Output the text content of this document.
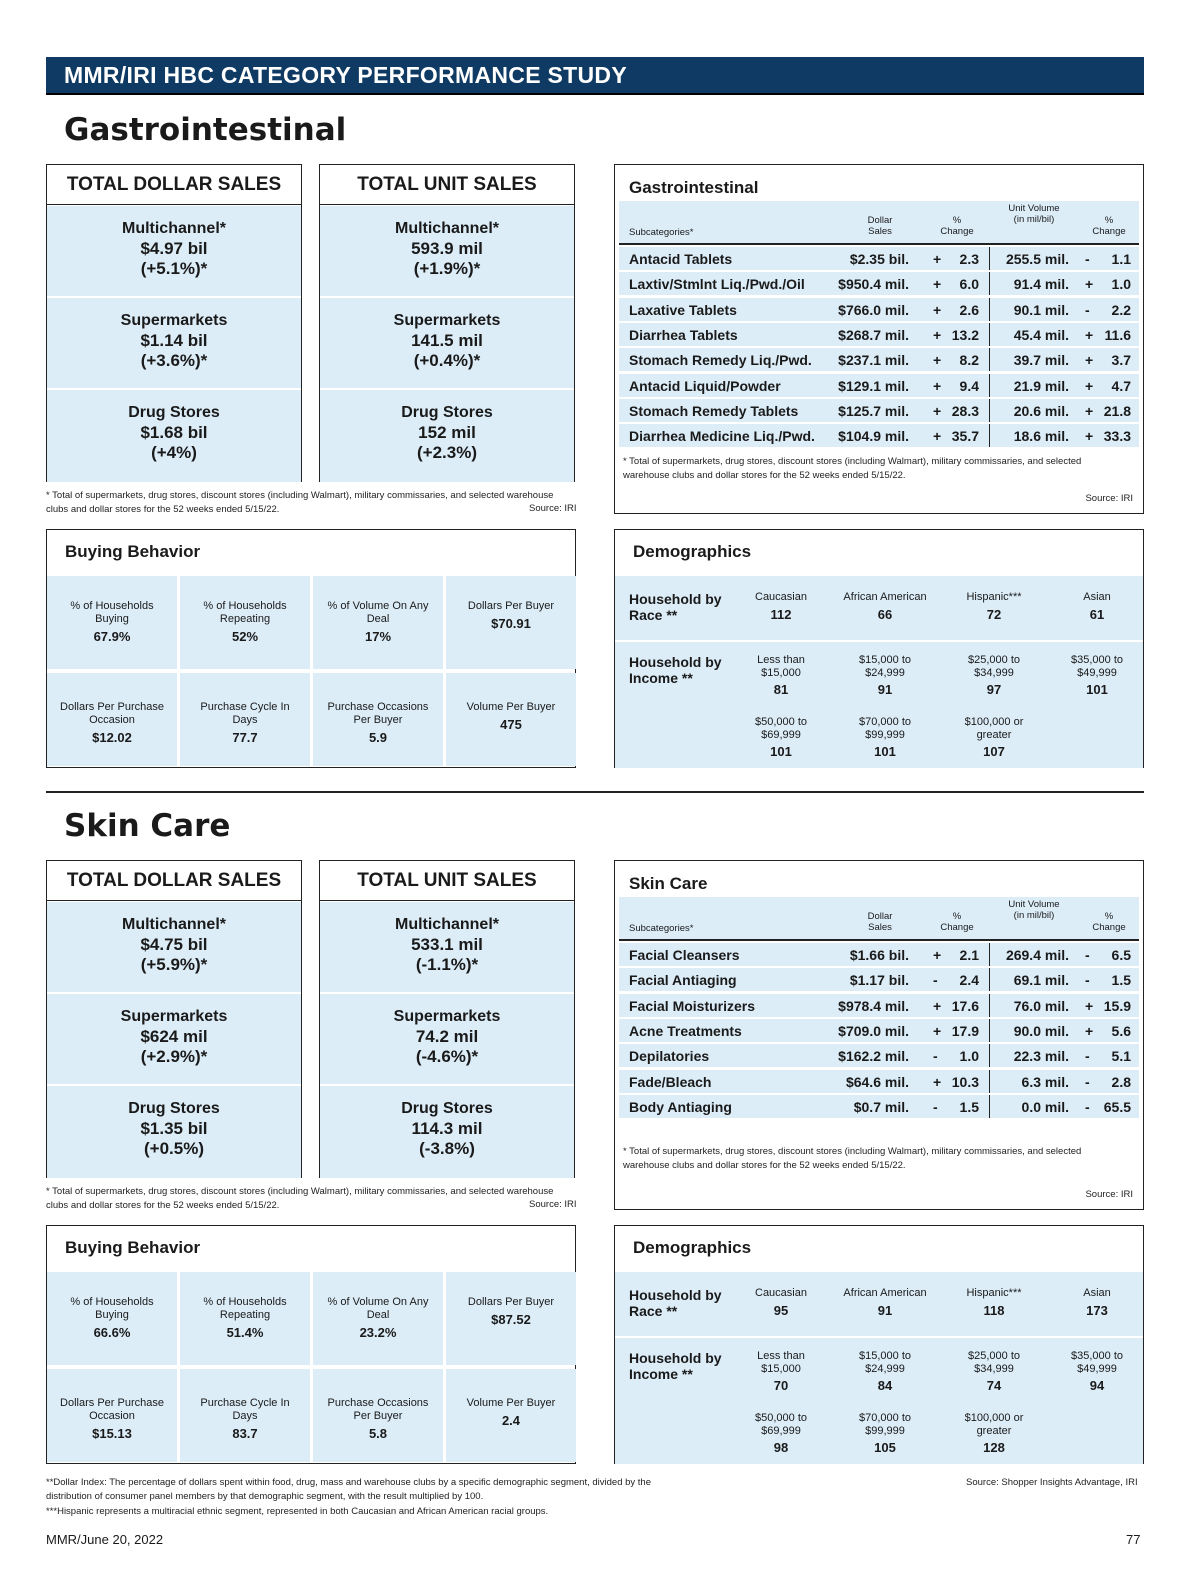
MMR/IRI HBC CATEGORY PERFORMANCE STUDY
Gastrointestinal
TOTAL DOLLAR SALES
Multichannel*
$4.97 bil
(+5.1%)*
Supermarkets
$1.14 bil
(+3.6%)*
Drug Stores
$1.68 bil
(+4%)
TOTAL UNIT SALES
Multichannel*
593.9 mil
(+1.9%)*
Supermarkets
141.5 mil
(+0.4%)*
Drug Stores
152 mil
(+2.3%)
* Total of supermarkets, drug stores, discount stores (including Walmart), military commissaries, and selected warehouse clubs and dollar stores for the 52 weeks ended 5/15/22.	Source: IRI
Gastrointestinal
Subcategories*
Dollar Sales
% Change
Unit Volume (in mil/bil)	% Change
Antacid Tablets	$2.35 bil. + 2.3 255.5 mil. - 1.1
Laxtiv/Stmlnt Liq./Pwd./Oil $950.4 mil. + 6.0 91.4 mil. + 1.0
Laxative Tablets	$766.0 mil. + 2.6 90.1 mil. - 2.2
Diarrhea Tablets	$268.7 mil. + 13.2 45.4 mil. + 11.6
Stomach Remedy Liq./Pwd. $237.1 mil. + 8.2 39.7 mil. + 3.7
Antacid Liquid/Powder	$129.1 mil. + 9.4 21.9 mil. + 4.7
Stomach Remedy Tablets	$125.7 mil. + 28.3 20.6 mil. + 21.8
Diarrhea Medicine Liq./Pwd. $104.9 mil. + 35.7 18.6 mil. + 33.3
* Total of supermarkets, drug stores, discount stores (including Walmart), military commissaries, and selected warehouse clubs and dollar stores for the 52 weeks ended 5/15/22.
Source: IRI
Buying Behavior
% of Households Buying
67.9%
% of Households Repeating
52%
% of Volume On Any Deal
17%
Dollars Per Buyer
$70.91
Dollars Per Purchase Occasion
$12.02
Purchase Cycle In Days
77.7
Purchase Occasions Per Buyer
5.9
Volume Per Buyer
475
Demographics
Household by Race **
Household by Income **
Caucasian
112
African American
66
Hispanic***
72
Asian
61
Less than $15,000
81
$15,000 to $24,999
91
$25,000 to $34,999
97
$35,000 to $49,999
101
$50,000 to $69,999
101
$70,000 to $99,999
101
$100,000 or greater
107
Skin Care
TOTAL DOLLAR SALES
Multichannel*
$4.75 bil
(+5.9%)*
Supermarkets
$624 mil
(+2.9%)*
Drug Stores
$1.35 bil
(+0.5%)
TOTAL UNIT SALES
Multichannel*
533.1 mil
(-1.1%)*
Supermarkets
74.2 mil
(-4.6%)*
Drug Stores
114.3 mil
(-3.8%)
* Total of supermarkets, drug stores, discount stores (including Walmart), military commissaries, and selected warehouse clubs and dollar stores for the 52 weeks ended 5/15/22.	Source: IRI
Skin Care
Subcategories*
Dollar Sales
% Change
Unit Volume (in mil/bil)	% Change
Facial Cleansers	$1.66 bil. + 2.1 269.4 mil. - 6.5
Facial Antiaging	$1.17 bil. - 2.4 69.1 mil. - 1.5
Facial Moisturizers	$978.4 mil. + 17.6 76.0 mil. + 15.9
Acne Treatments	$709.0 mil. + 17.9 90.0 mil. + 5.6
Depilatories	$162.2 mil. - 1.0 22.3 mil. - 5.1
Fade/Bleach	$64.6 mil. + 10.3	6.3 mil. - 2.8
Body Antiaging	$0.7 mil. - 1.5	0.0 mil. - 65.5
* Total of supermarkets, drug stores, discount stores (including Walmart), military commissaries, and selected warehouse clubs and dollar stores for the 52 weeks ended 5/15/22.
Source: IRI
Buying Behavior
% of Households Buying
66.6%
% of Households Repeating
51.4%
% of Volume On Any Deal
23.2%
Dollars Per Buyer
$87.52
Dollars Per Purchase Occasion
$15.13
Purchase Cycle In Days
83.7
Purchase Occasions Per Buyer
5.8
Volume Per Buyer
2.4
Demographics
Household by Race **
Household by Income **
Caucasian
95
African American
91
Hispanic***
118
Asian
173
Less than $15,000
70
$15,000 to $24,999
84
$25,000 to $34,999
74
$35,000 to $49,999
94
$50,000 to $69,999
98
$70,000 to $99,999
105
$100,000 or greater
128
**Dollar Index: The percentage of dollars spent within food, drug, mass and warehouse clubs by a specific demographic segment, divided by the distribution of consumer panel members by that demographic segment, with the result multiplied by 100.
***Hispanic represents a multiracial ethnic segment, represented in both Caucasian and African American racial groups.
Source: Shopper Insights Advantage, IRI
MMR/June 20, 2022	77
